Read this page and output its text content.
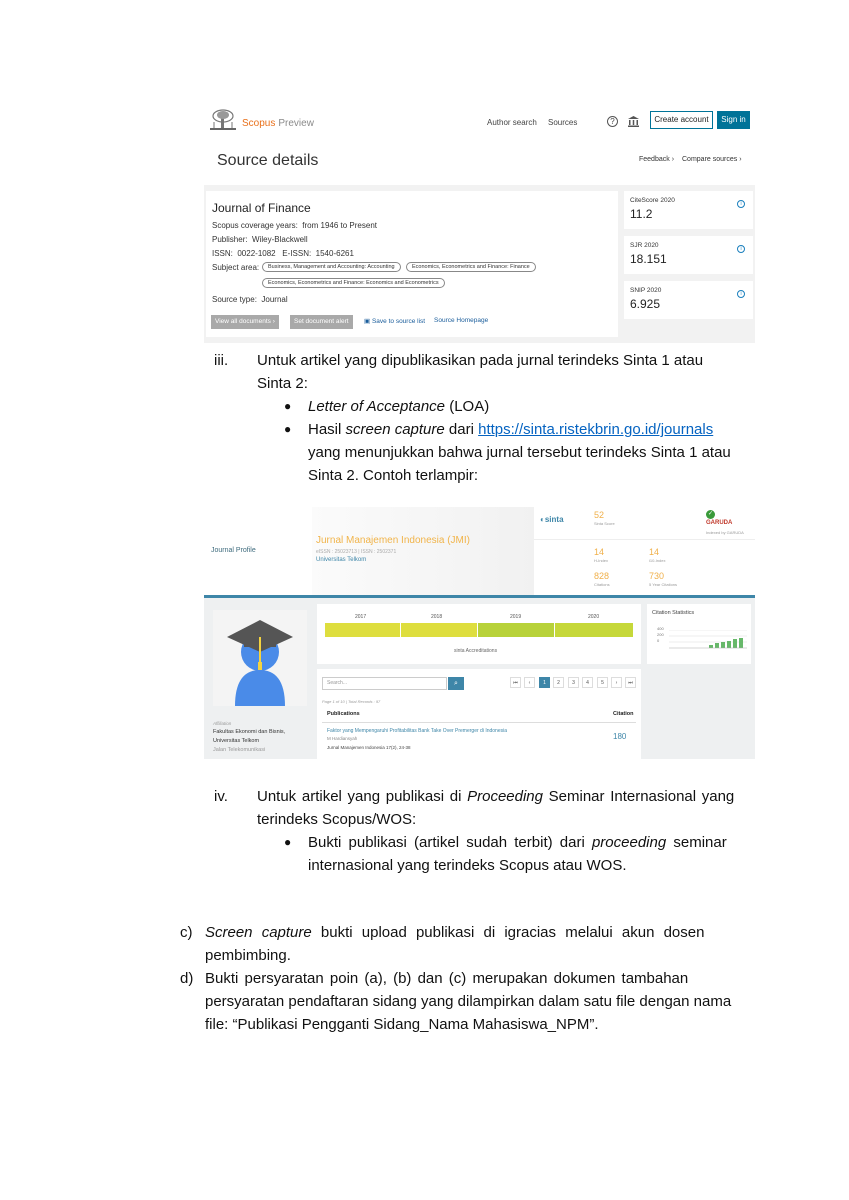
Scopus Preview	Author search Sources	?	Create account	Sign in
Source details	Feedback › Compare sources ›
Journal of Finance
Scopus coverage years: from 1946 to Present
Publisher: Wiley-Blackwell
ISSN: 0022-1082 E-ISSN: 1540-6261
Subject area:	Business, Management and Accounting: Accounting	Economics, Econometrics and Finance: Finance
Economics, Econometrics and Finance: Economics and Econometrics
Source type: Journal
View all documents ›	Set document alert	▣ Save to source list Source Homepage
CiteScore 2020
11.2
i
SJR 2020
18.151
i
SNIP 2020
6.925
i
iii. Untuk artikel yang dipublikasikan pada jurnal terindeks Sinta 1 atau
Sinta 2:
● Letter of Acceptance (LOA)
● Hasil screen capture dari https://sinta.ristekbrin.go.id/journals
yang menunjukkan bahwa jurnal tersebut terindeks Sinta 1 atau
Sinta 2. Contoh terlampir:
Journal Profile
Jurnal Manajemen Indonesia (JMI)
eISSN : 25023713 | ISSN : 2502371
Universitas Telkom
◐sinta	52
Sinta Score
✓
GARUDA
Indexed by GARUDA
14
H-Index
14
i10-Index
828
Citations
730
5 Year Citations
Affiliation
Fakultas Ekonomi dan Bisnis,
Universitas Telkom
Jalan Telekomunikasi
2017	2018	2019	2020
sinta Accreditations
Citation Statistics
400
200
0
Search...	⌕	⏮	‹	1	2	3	4	5	›	⏭
Page 1 of 10 | Total Records : 97
Publications	Citation
Faktor yang Mempengaruhi Profitabilitas Bank Take Over Premerger di Indonesia
M Hardiansyah
Jurnal Manajemen Indonesia 17(2), 24-38
180
iv. Untuk artikel yang publikasi di Proceeding Seminar Internasional yang
terindeks Scopus/WOS:
● Bukti publikasi (artikel sudah terbit) dari proceeding seminar
internasional yang terindeks Scopus atau WOS.
c) Screen capture bukti upload publikasi di igracias melalui akun dosen
pembimbing.
d) Bukti persyaratan poin (a), (b) dan (c) merupakan dokumen tambahan
persyaratan pendaftaran sidang yang dilampirkan dalam satu file dengan nama
file: “Publikasi Pengganti Sidang_Nama Mahasiswa_NPM”.
